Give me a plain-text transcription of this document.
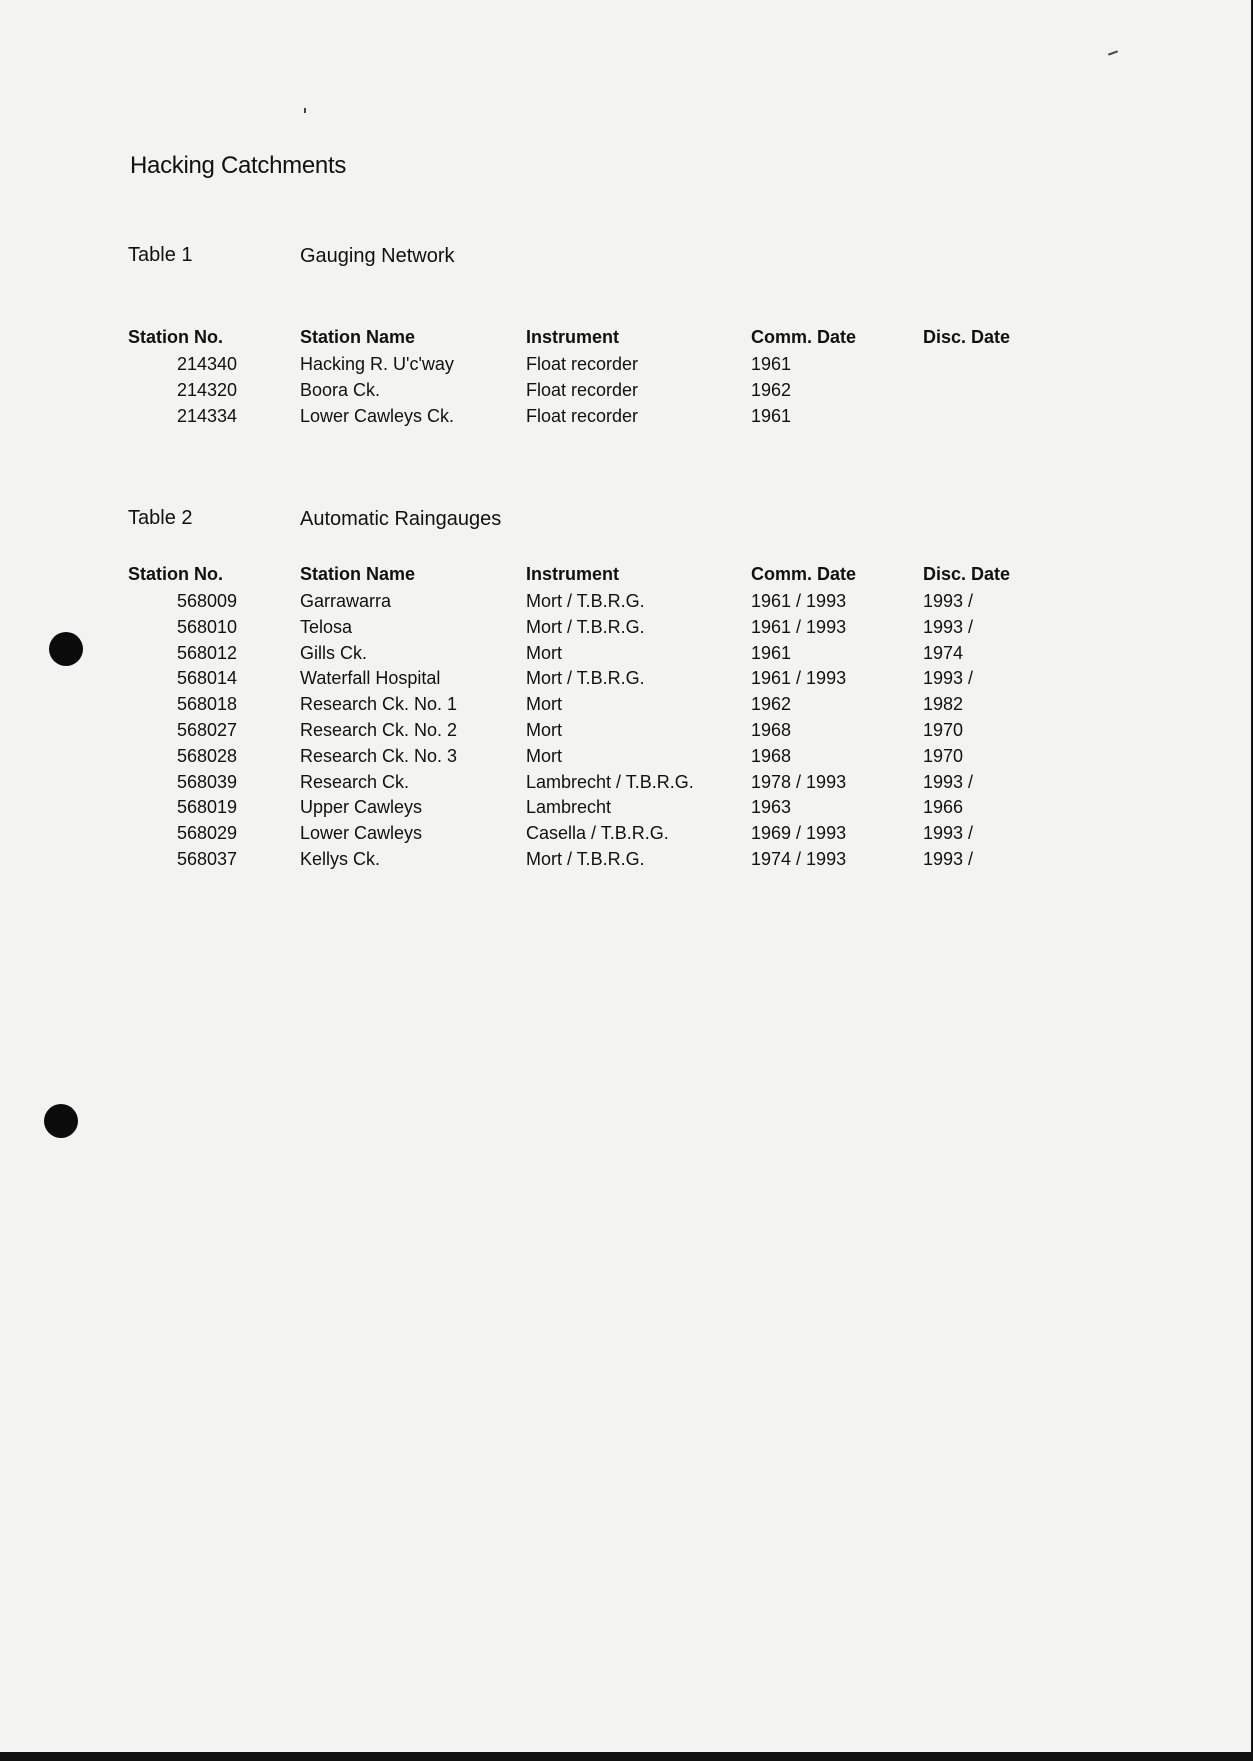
Hacking Catchments
Table 1	Gauging Network
Station No.	Station Name	Instrument	Comm. Date	Disc. Date
214340	Hacking R. U'c'way	Float recorder	1961
214320	Boora Ck.	Float recorder	1962
214334	Lower Cawleys Ck.	Float recorder	1961
Table 2	Automatic Raingauges
Station No.	Station Name	Instrument	Comm. Date	Disc. Date
568009	Garrawarra	Mort / T.B.R.G.	1961 / 1993	1993 /
568010	Telosa	Mort / T.B.R.G.	1961 / 1993	1993 /
568012	Gills Ck.	Mort	1961	1974
568014	Waterfall Hospital	Mort / T.B.R.G.	1961 / 1993	1993 /
568018	Research Ck. No. 1	Mort	1962	1982
568027	Research Ck. No. 2	Mort	1968	1970
568028	Research Ck. No. 3	Mort	1968	1970
568039	Research Ck.	Lambrecht / T.B.R.G.	1978 / 1993	1993 /
568019	Upper Cawleys	Lambrecht	1963	1966
568029	Lower Cawleys	Casella / T.B.R.G.	1969 / 1993	1993 /
568037	Kellys Ck.	Mort / T.B.R.G.	1974 / 1993	1993 /
